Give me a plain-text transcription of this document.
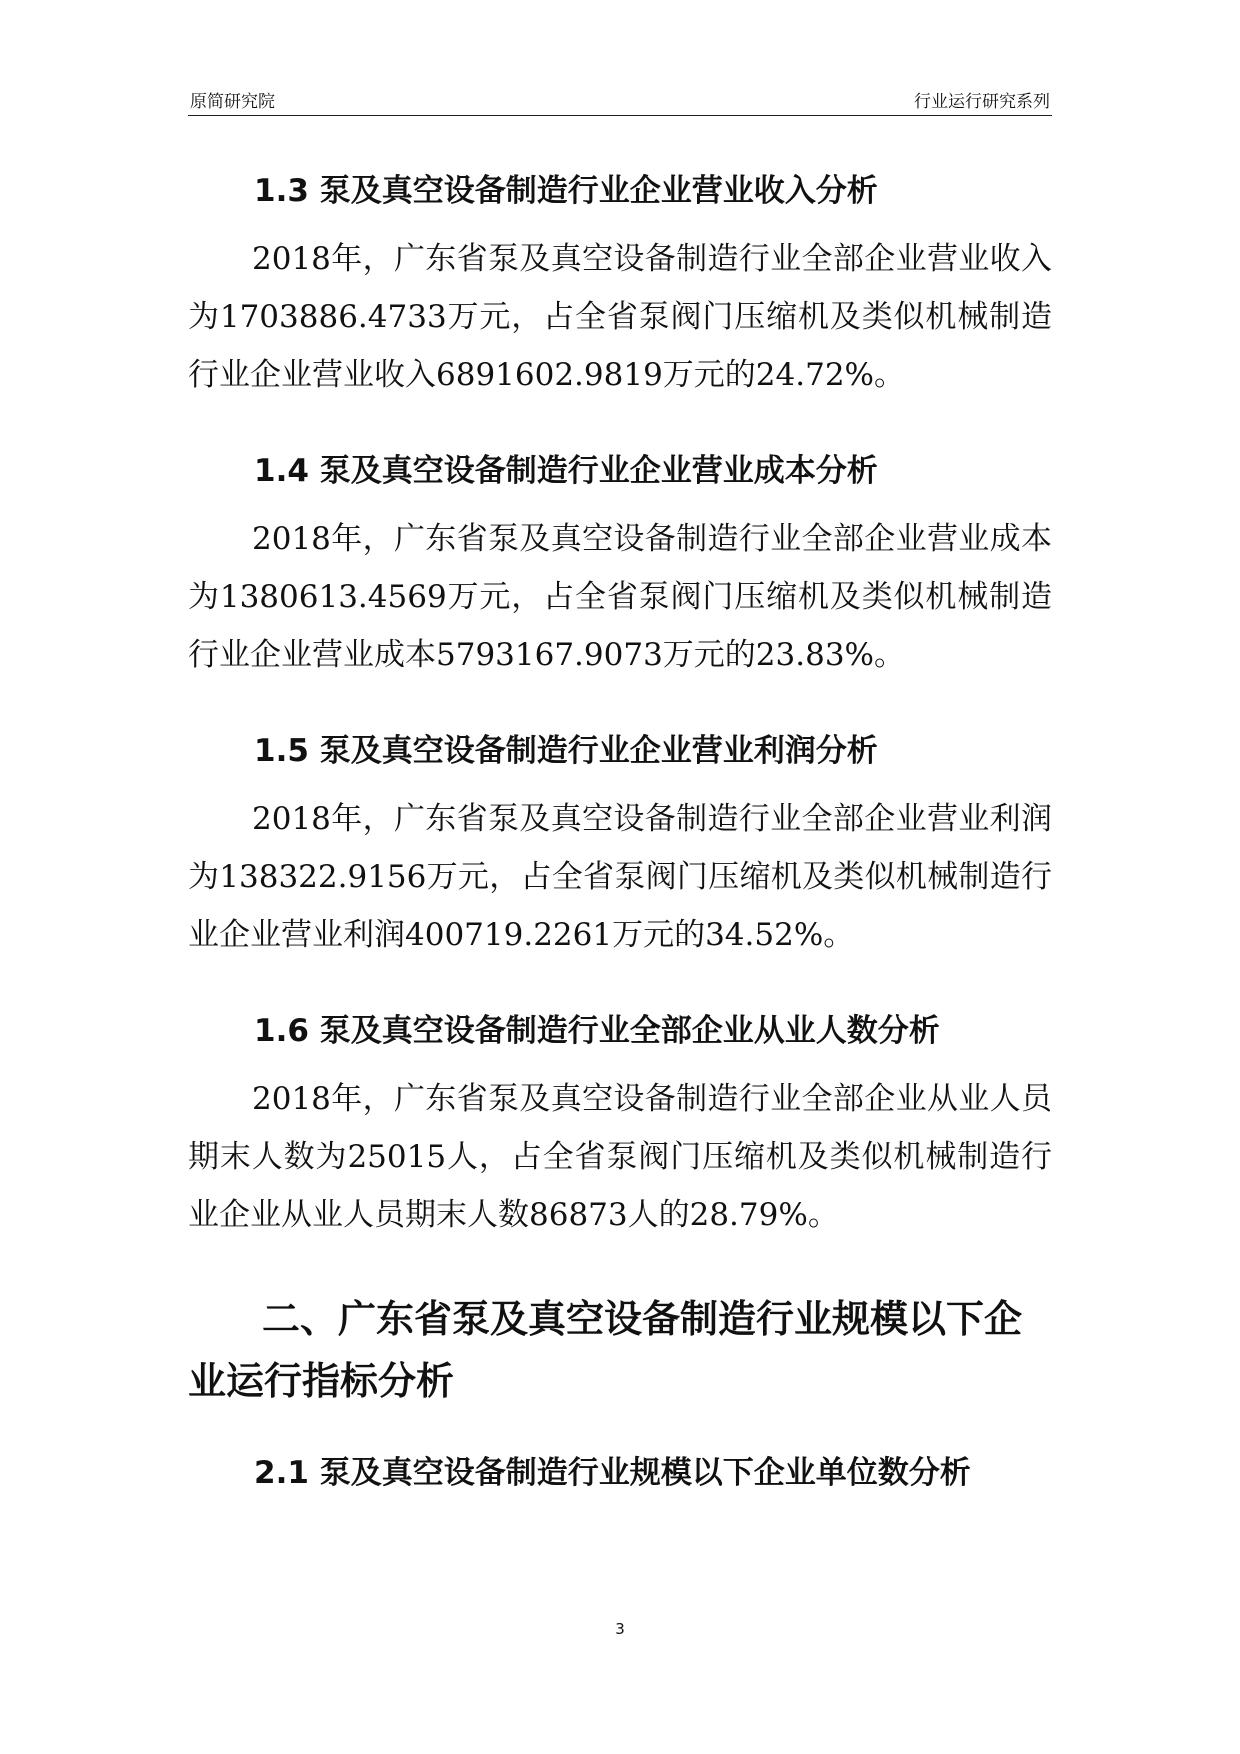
原简研究院	行业运行研究系列
1.3 泵及真空设备制造行业企业营业收入分析

2018年，广东省泵及真空设备制造行业全部企业营业收入为1703886.4733万元，占全省泵阀门压缩机及类似机械制造行业企业营业收入6891602.9819万元的24.72%。

1.4 泵及真空设备制造行业企业营业成本分析

2018年，广东省泵及真空设备制造行业全部企业营业成本为1380613.4569万元，占全省泵阀门压缩机及类似机械制造行业企业营业成本5793167.9073万元的23.83%。

1.5 泵及真空设备制造行业企业营业利润分析

2018年，广东省泵及真空设备制造行业全部企业营业利润为138322.9156万元，占全省泵阀门压缩机及类似机械制造行业企业营业利润400719.2261万元的34.52%。

1.6 泵及真空设备制造行业全部企业从业人数分析

2018年，广东省泵及真空设备制造行业全部企业从业人员期末人数为25015人，占全省泵阀门压缩机及类似机械制造行业企业从业人员期末人数86873人的28.79%。

二、广东省泵及真空设备制造行业规模以下企业运行指标分析
2.1 泵及真空设备制造行业规模以下企业单位数分析
3
